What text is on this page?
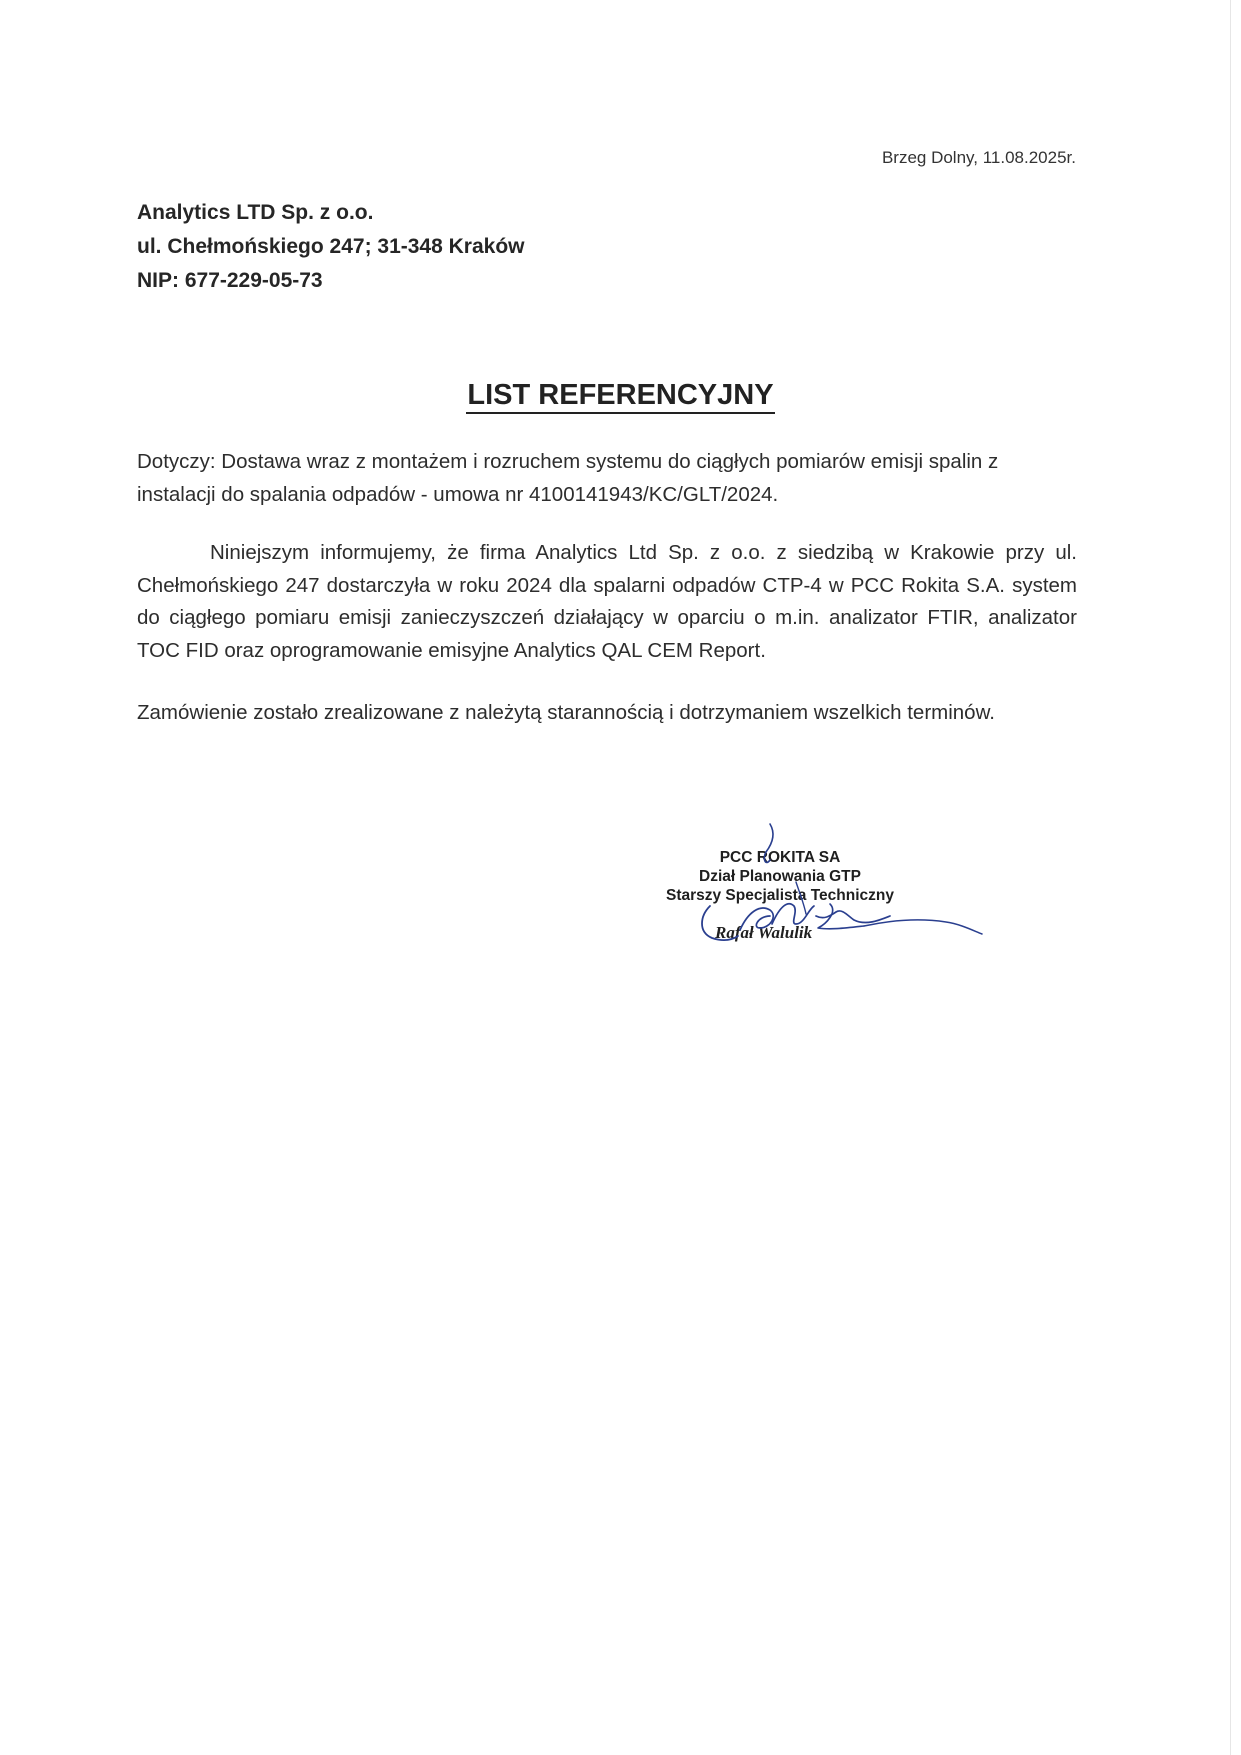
Brzeg Dolny, 11.08.2025r.
Analytics LTD Sp. z o.o.
ul. Chełmońskiego 247; 31-348 Kraków
NIP: 677-229-05-73
LIST REFERENCYJNY
Dotyczy: Dostawa wraz z montażem i rozruchem systemu do ciągłych pomiarów emisji spalin z instalacji do spalania odpadów - umowa nr 4100141943/KC/GLT/2024.
Niniejszym informujemy, że firma Analytics Ltd Sp. z o.o. z siedzibą w Krakowie przy ul. Chełmońskiego 247 dostarczyła w roku 2024 dla spalarni odpadów CTP-4 w PCC Rokita S.A. system do ciągłego pomiaru emisji zanieczyszczeń działający w oparciu o m.in. analizator FTIR, analizator TOC FID oraz oprogramowanie emisyjne Analytics QAL CEM Report.
Zamówienie zostało zrealizowane z należytą starannością i dotrzymaniem wszelkich terminów.
PCC ROKITA SA
Dział Planowania GTP
Starszy Specjalista Techniczny
Rafał Walulik
